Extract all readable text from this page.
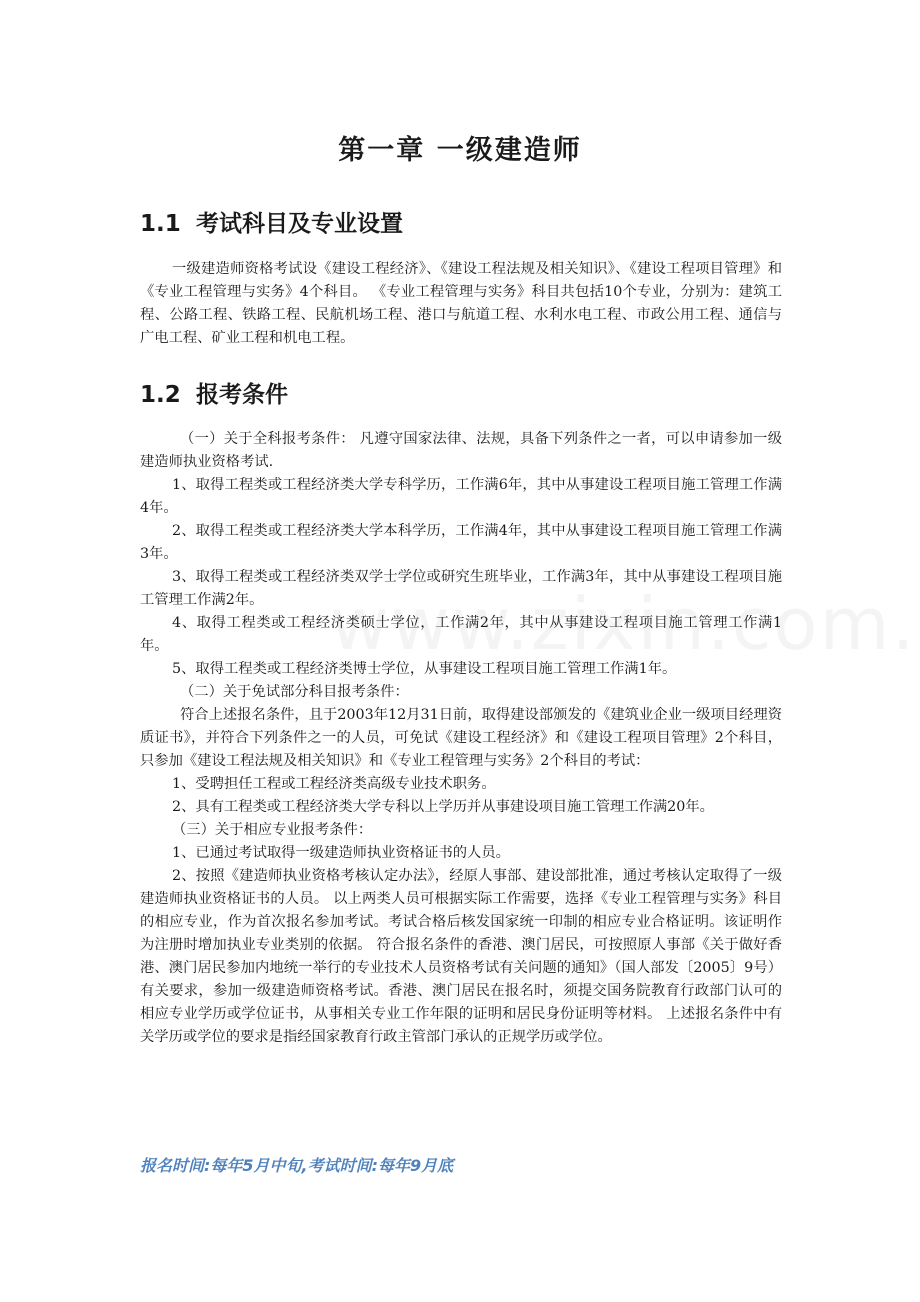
第一章 一级建造师
1.1 考试科目及专业设置

一级建造师资格考试设《建设工程经济》、《建设工程法规及相关知识》、《建设工程项目管理》和《专业工程管理与实务》4个科目。 《专业工程管理与实务》科目共包括10个专业，分别为：建筑工程、公路工程、铁路工程、民航机场工程、港口与航道工程、水利水电工程、市政公用工程、通信与广电工程、矿业工程和机电工程。

1.2 报考条件

（一）关于全科报考条件： 凡遵守国家法律、法规，具备下列条件之一者，可以申请参加一级建造师执业资格考试.

1、取得工程类或工程经济类大学专科学历，工作满6年，其中从事建设工程项目施工管理工作满4年。

2、取得工程类或工程经济类大学本科学历，工作满4年，其中从事建设工程项目施工管理工作满3年。

3、取得工程类或工程经济类双学士学位或研究生班毕业，工作满3年，其中从事建设工程项目施工管理工作满2年。

4、取得工程类或工程经济类硕士学位，工作满2年，其中从事建设工程项目施工管理工作满1年。

5、取得工程类或工程经济类博士学位，从事建设工程项目施工管理工作满1年。

（二）关于免试部分科目报考条件：

符合上述报名条件，且于2003年12月31日前，取得建设部颁发的《建筑业企业一级项目经理资质证书》，并符合下列条件之一的人员，可免试《建设工程经济》和《建设工程项目管理》2个科目，只参加《建设工程法规及相关知识》和《专业工程管理与实务》2个科目的考试：

1、受聘担任工程或工程经济类高级专业技术职务。

2、具有工程类或工程经济类大学专科以上学历并从事建设项目施工管理工作满20年。

（三）关于相应专业报考条件：

1、已通过考试取得一级建造师执业资格证书的人员。

2、按照《建造师执业资格考核认定办法》，经原人事部、建设部批准，通过考核认定取得了一级建造师执业资格证书的人员。 以上两类人员可根据实际工作需要，选择《专业工程管理与实务》科目的相应专业，作为首次报名参加考试。考试合格后核发国家统一印制的相应专业合格证明。该证明作为注册时增加执业专业类别的依据。 符合报名条件的香港、澳门居民，可按照原人事部《关于做好香港、澳门居民参加内地统一举行的专业技术人员资格考试有关问题的通知》（国人部发〔2005〕9号）有关要求，参加一级建造师资格考试。香港、澳门居民在报名时，须提交国务院教育行政部门认可的相应专业学历或学位证书，从事相关专业工作年限的证明和居民身份证明等材料。 上述报名条件中有关学历或学位的要求是指经国家教育行政主管部门承认的正规学历或学位。

报名时间:每年5月中旬,考试时间:每年9月底
